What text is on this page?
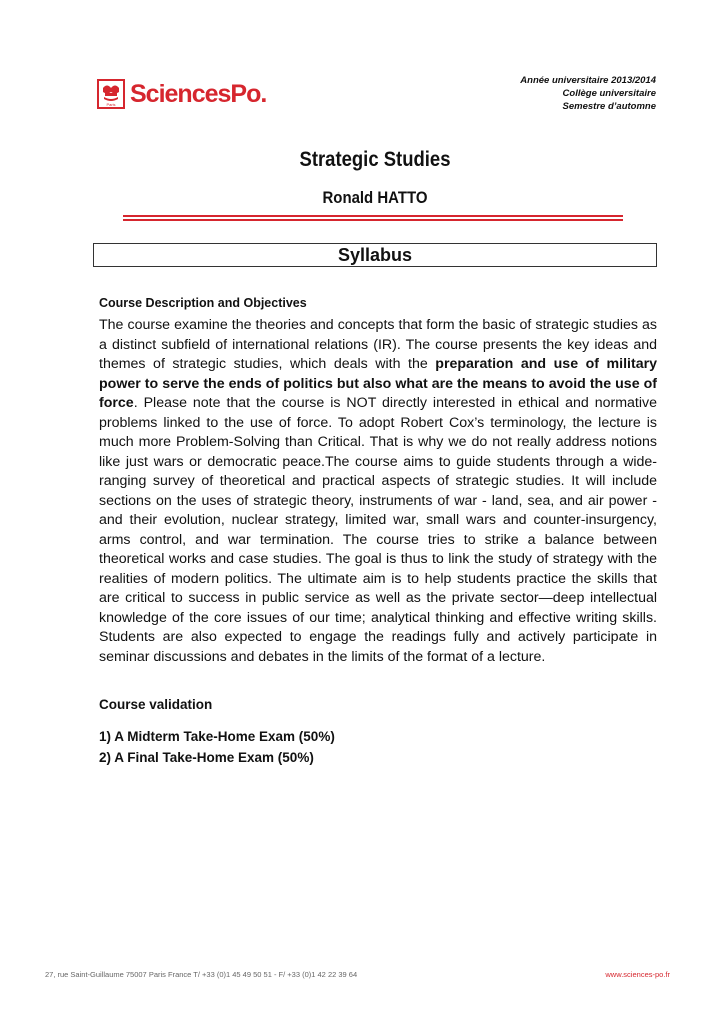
Paris SciencesPo.	Année universitaire 2013/2014
Collège universitaire
Semestre d’automne
Strategic Studies
Ronald HATTO
Syllabus
Course Description and Objectives

The course examine the theories and concepts that form the basic of strategic studies as a distinct subfield of international relations (IR). The course presents the key ideas and themes of strategic studies, which deals with the preparation and use of military power to serve the ends of politics but also what are the means to avoid the use of force. Please note that the course is NOT directly interested in ethical and normative problems linked to the use of force. To adopt Robert Cox’s terminology, the lecture is much more Problem-Solving than Critical. That is why we do not really address notions like just wars or democratic peace.The course aims to guide students through a wide-ranging survey of theoretical and practical aspects of strategic studies. It will include sections on the uses of strategic theory, instruments of war - land, sea, and air power - and their evolution, nuclear strategy, limited war, small wars and counter-insurgency, arms control, and war termination. The course tries to strike a balance between theoretical works and case studies. The goal is thus to link the study of strategy with the realities of modern politics. The ultimate aim is to help students practice the skills that are critical to success in public service as well as the private sector—deep intellectual knowledge of the core issues of our time; analytical thinking and effective writing skills. Students are also expected to engage the readings fully and actively participate in seminar discussions and debates in the limits of the format of a lecture.

Course validation
1) A Midterm Take-Home Exam (50%)
2) A Final Take-Home Exam (50%)
27, rue Saint-Guillaume 75007 Paris France T/ +33 (0)1 45 49 50 51 - F/ +33 (0)1 42 22 39 64	www.sciences-po.fr
